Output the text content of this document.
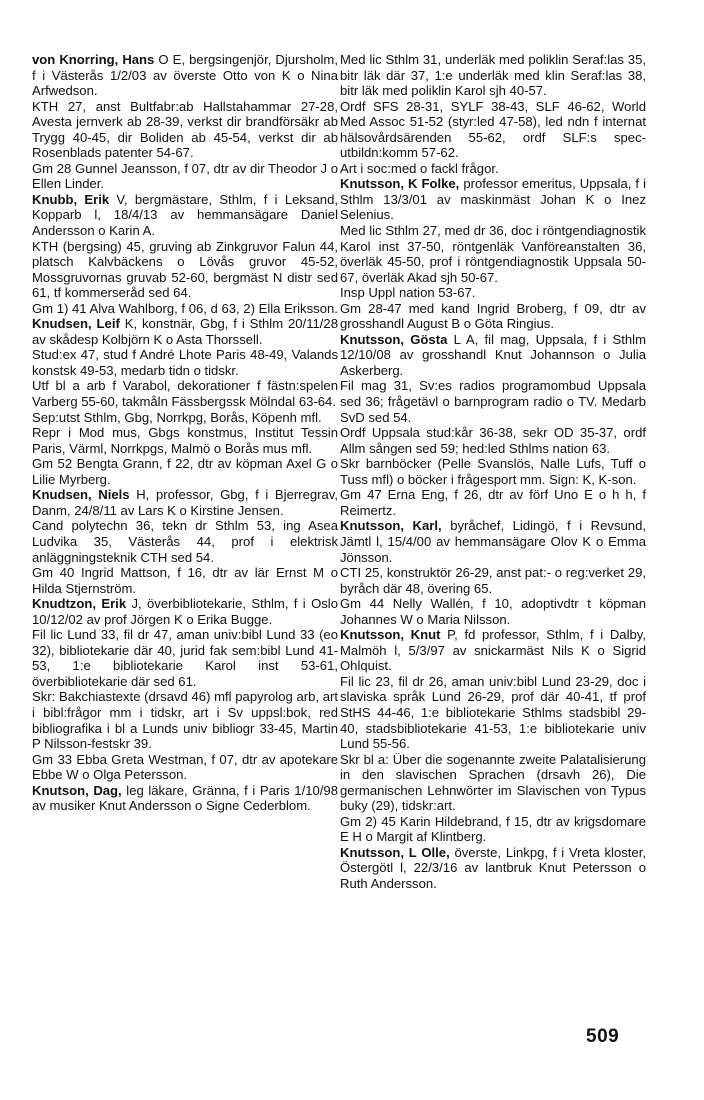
von Knorring, Hans O E, bergsingenjör, Djursholm, f i Västerås 1/2/03 av överste Otto von K o Nina Arfwedson.

KTH 27, anst Bultfabr:ab Hallstahammar 27-28, Avesta jernverk ab 28-39, verkst dir brandförsäkr ab Trygg 40-45, dir Boliden ab 45-54, verkst dir ab Rosenblads patenter 54-67.

Gm 28 Gunnel Jeansson, f 07, dtr av dir Theodor J o Ellen Linder.

Knubb, Erik V, bergmästare, Sthlm, f i Leksand, Kopparb l, 18/4/13 av hemmansägare Daniel Andersson o Karin A.

KTH (bergsing) 45, gruving ab Zinkgruvor Falun 44, platsch Kalvbäckens o Lövås gruvor 45-52, Mossgruvornas gruvab 52-60, bergmäst N distr sed 61, tf kommerseråd sed 64.

Gm 1) 41 Alva Wahlborg, f 06, d 63, 2) Ella Eriksson.

Knudsen, Leif K, konstnär, Gbg, f i Sthlm 20/11/28 av skådesp Kolbjörn K o Asta Thorssell.

Stud:ex 47, stud f André Lhote Paris 48-49, Valands konstsk 49-53, medarb tidn o tidskr.

Utf bl a arb f Varabol, dekorationer f fästn:spelen Varberg 55-60, takmåln Fässbergssk Mölndal 63-64.

Sep:utst Sthlm, Gbg, Norrkpg, Borås, Köpenh mfl.

Repr i Mod mus, Gbgs konstmus, Institut Tessin Paris, Värml, Norrkpgs, Malmö o Borås mus mfl.

Gm 52 Bengta Grann, f 22, dtr av köpman Axel G o Lilie Myrberg.

Knudsen, Niels H, professor, Gbg, f i Bjerregrav, Danm, 24/8/11 av Lars K o Kirstine Jensen.

Cand polytechn 36, tekn dr Sthlm 53, ing Asea Ludvika 35, Västerås 44, prof i elektrisk anläggningsteknik CTH sed 54.

Gm 40 Ingrid Mattson, f 16, dtr av lär Ernst M o Hilda Stjernström.

Knudtzon, Erik J, överbibliotekarie, Sthlm, f i Oslo 10/12/02 av prof Jörgen K o Erika Bugge.

Fil lic Lund 33, fil dr 47, aman univ:bibl Lund 33 (eo 32), bibliotekarie där 40, jurid fak sem:bibl Lund 41-53, 1:e bibliotekarie Karol inst 53-61, överbibliotekarie där sed 61.

Skr: Bakchiastexte (drsavd 46) mfl papyrolog arb, art i bibl:frågor mm i tidskr, art i Sv uppsl:bok, red bibliografika i bl a Lunds univ bibliogr 33-45, Martin P Nilsson-festskr 39.

Gm 33 Ebba Greta Westman, f 07, dtr av apotekare Ebbe W o Olga Petersson.

Knutson, Dag, leg läkare, Gränna, f i Paris 1/10/98 av musiker Knut Andersson o Signe Cederblom.

Med lic Sthlm 31, underläk med poliklin Seraf:las 35, bitr läk där 37, 1:e underläk med klin Seraf:las 38, bitr läk med poliklin Karol sjh 40-57.

Ordf SFS 28-31, SYLF 38-43, SLF 46-62, World Med Assoc 51-52 (styr:led 47-58), led ndn f internat hälsovårdsärenden 55-62, ordf SLF:s spec-utbildn:komm 57-62.

Art i soc:med o fackl frågor.

Knutsson, K Folke, professor emeritus, Uppsala, f i Sthlm 13/3/01 av maskinmäst Johan K o Inez Selenius.

Med lic Sthlm 27, med dr 36, doc i röntgendiagnostik Karol inst 37-50, röntgenläk Vanföreanstalten 36, överläk 45-50, prof i röntgendiagnostik Uppsala 50-67, överläk Akad sjh 50-67.

Insp Uppl nation 53-67.

Gm 28-47 med kand Ingrid Broberg, f 09, dtr av grosshandl August B o Göta Ringius.

Knutsson, Gösta L A, fil mag, Uppsala, f i Sthlm 12/10/08 av grosshandl Knut Johannson o Julia Askerberg.

Fil mag 31, Sv:es radios programombud Uppsala sed 36; frågetävl o barnprogram radio o TV. Medarb SvD sed 54.

Ordf Uppsala stud:kår 36-38, sekr OD 35-37, ordf Allm sången sed 59; hed:led Sthlms nation 63.

Skr barnböcker (Pelle Svanslös, Nalle Lufs, Tuff o Tuss mfl) o böcker i frågesport mm. Sign: K, K-son.

Gm 47 Erna Eng, f 26, dtr av förf Uno E o h h, f Reimertz.

Knutsson, Karl, byråchef, Lidingö, f i Revsund, Jämtl l, 15/4/00 av hemmansägare Olov K o Emma Jönsson.

CTI 25, konstruktör 26-29, anst pat:- o reg:verket 29, byråch där 48, övering 65.

Gm 44 Nelly Wallén, f 10, adoptivdtr t köpman Johannes W o Maria Nilsson.

Knutsson, Knut P, fd professor, Sthlm, f i Dalby, Malmöh l, 5/3/97 av snickarmäst Nils K o Sigrid Ohlquist.

Fil lic 23, fil dr 26, aman univ:bibl Lund 23-29, doc i slaviska språk Lund 26-29, prof där 40-41, tf prof StHS 44-46, 1:e bibliotekarie Sthlms stadsbibl 29-40, stadsbibliotekarie 41-53, 1:e bibliotekarie univ Lund 55-56.

Skr bl a: Über die sogenannte zweite Palatalisierung in den slavischen Sprachen (drsavh 26), Die germanischen Lehnwörter im Slavischen von Typus buky (29), tidskr:art.

Gm 2) 45 Karin Hildebrand, f 15, dtr av krigsdomare E H o Margit af Klintberg.

Knutsson, L Olle, överste, Linkpg, f i Vreta kloster, Östergötl l, 22/3/16 av lantbruk Knut Petersson o Ruth Andersson.

509
